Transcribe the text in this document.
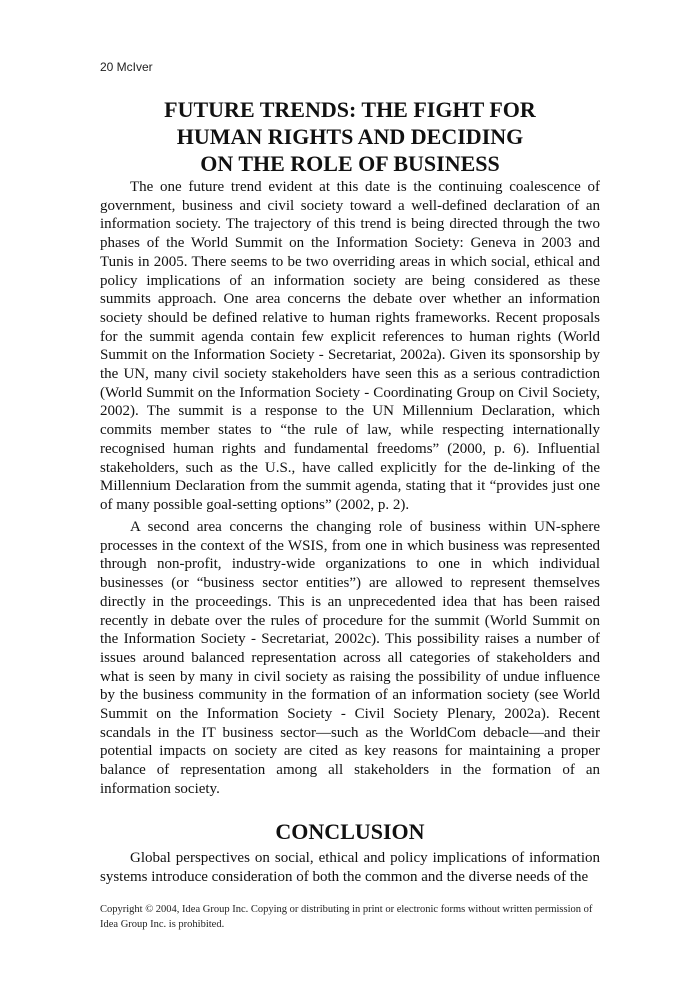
20 McIver
FUTURE TRENDS: THE FIGHT FOR
HUMAN RIGHTS AND DECIDING
ON THE ROLE OF BUSINESS

The one future trend evident at this date is the continuing coalescence of government, business and civil society toward a well-defined declaration of an information society. The trajectory of this trend is being directed through the two phases of the World Summit on the Information Society: Geneva in 2003 and Tunis in 2005. There seems to be two overriding areas in which social, ethical and policy implications of an information society are being considered as these summits approach. One area concerns the debate over whether an information society should be defined relative to human rights frameworks. Recent proposals for the summit agenda contain few explicit references to human rights (World Summit on the Information Society - Secretariat, 2002a). Given its sponsorship by the UN, many civil society stakeholders have seen this as a serious contradiction (World Summit on the Information Society - Coordinating Group on Civil Society, 2002). The summit is a response to the UN Millennium Declaration, which commits member states to “the rule of law, while respecting internationally recognised human rights and fundamental freedoms” (2000, p. 6). Influential stakeholders, such as the U.S., have called explicitly for the de-linking of the Millennium Declaration from the summit agenda, stating that it “provides just one of many possible goal-setting options” (2002, p. 2).

A second area concerns the changing role of business within UN-sphere processes in the context of the WSIS, from one in which business was represented through non-profit, industry-wide organizations to one in which individual businesses (or “business sector entities”) are allowed to represent themselves directly in the proceedings. This is an unprecedented idea that has been raised recently in debate over the rules of procedure for the summit (World Summit on the Information Society - Secretariat, 2002c). This possibility raises a number of issues around balanced representation across all categories of stakeholders and what is seen by many in civil society as raising the possibility of undue influence by the business community in the formation of an information society (see World Summit on the Information Society - Civil Society Plenary, 2002a). Recent scandals in the IT business sector—such as the WorldCom debacle—and their potential impacts on society are cited as key reasons for maintaining a proper balance of representation among all stakeholders in the formation of an information society.

CONCLUSION

Global perspectives on social, ethical and policy implications of information systems introduce consideration of both the common and the diverse needs of the

Copyright © 2004, Idea Group Inc. Copying or distributing in print or electronic forms without written permission of Idea Group Inc. is prohibited.
